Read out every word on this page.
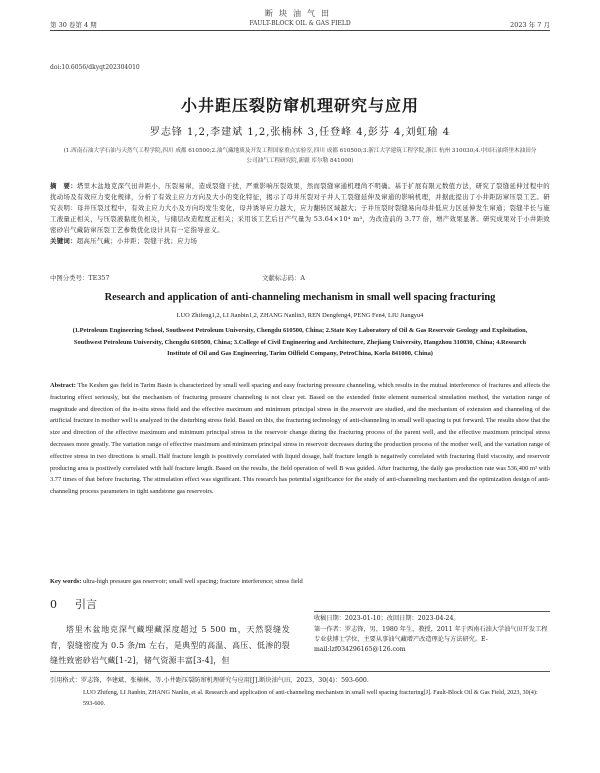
断块油气田
第 30 卷第 4 期	FAULT-BLOCK OIL & GAS FIELD	2023 年 7 月
doi:10.6056/dkyqt202304010
小井距压裂防窜机理研究与应用
罗志锋 1,2,李建斌 1,2,张楠林 3,任登峰 4,彭芬 4,刘虹瑜 4
(1.西南石油大学石油与天然气工程学院,四川 成都 610500;2.油气藏地质及开发工程国家重点实验室,四川 成都 610500;3.浙江大学建筑工程学院,浙江 杭州 310030;4.中国石油塔里木油田分公司油气工程研究院,新疆 库尔勒 841000)
摘　要：塔里木盆地克深气田井距小，压裂易窜，造成裂缝干扰，严重影响压裂效果，然而裂缝窜通机理尚不明确。基于扩展有限元数值方法，研究了裂缝延伸过程中的扰动场及有效应力变化规律，分析了有效主应力方向及大小的变化特征，揭示了母井压裂对子井人工裂缝延伸及窜通的影响机理，并据此提出了小井距防窜压裂工艺。研究表明：母井压裂过程中，有效主应力大小及方向均发生变化，母井诱导应力越大，应力翻转区域越大；子井压裂时裂缝易向母井低应力区延伸发生窜通；裂缝半长与施工液量正相关，与压裂液黏度负相关，与储层改造程度正相关；采用该工艺后日产气量为 53.64×10⁴ m³，为改造前的 3.77 倍，增产效果显著。研究成果对于小井距致密砂岩气藏防窜压裂工艺参数优化设计具有一定指导意义。
关键词：超高压气藏；小井距；裂缝干扰；应力场
中图分类号：TE357	文献标志码：A
Research and application of anti-channeling mechanism in small well spacing fracturing
LUO Zhifeng1,2, LI Jianbin1,2, ZHANG Nanlin3, REN Dengfeng4, PENG Fen4, LIU Jiangyu4
(1.Petroleum Engineering School, Southwest Petroleum University, Chengdu 610500, China; 2.State Key Laboratory of Oil & Gas Reservoir Geology and Exploitation, Southwest Petroleum University, Chengdu 610500, China; 3.College of Civil Engineering and Architecture, Zhejiang University, Hangzhou 310030, China; 4.Research Institute of Oil and Gas Engineering, Tarim Oilfield Company, PetroChina, Korla 841000, China)
Abstract: The Keshen gas field in Tarim Basin is characterized by small well spacing and easy fracturing pressure channeling, which results in the mutual interference of fractures and affects the fracturing effect seriously, but the mechanism of fracturing pressure channeling is not clear yet. Based on the extended finite element numerical simulation method, the variation range of magnitude and direction of the in-situ stress field and the effective maximum and minimum principal stress in the reservoir are studied, and the mechanism of extension and channeling of the artificial fracture in mother well is analyzed in the disturbing stress field. Based on this, the fracturing technology of anti-channeling in small well spacing is put forward. The results show that the size and direction of the effective maximum and minimum principal stress in the reservoir change during the fracturing process of the parent well, and the effective maximum principal stress decreases more greatly. The variation range of effective maximum and minimum principal stress in reservoir decreases during the production process of the mother well, and the variation range of effective stress in two directions is small. Half fracture length is positively correlated with liquid dosage, half fracture length is negatively correlated with fracturing fluid viscosity, and reservoir producing area is positively correlated with half fracture length. Based on the results, the field operation of well B was guided. After fracturing, the daily gas production rate was 536,400 m³ with 3.77 times of that before fracturing. The stimulation effect was significant. This research has potential significance for the study of anti-channeling mechanism and the optimization design of anti-channeling process parameters in tight sandstone gas reservoirs.
Key words: ultra-high pressure gas reservoir; small well spacing; fracture interference; stress field
0 引言

塔里木盆地克深气藏埋藏深度超过 5 500 m，天然裂缝发育，裂缝密度为 0.5 条/m 左右，是典型的高温、高压、低渗的裂缝性致密砂岩气藏[1-2]，储气资源丰富[3-4]，但

收稿日期：2023-01-10；改回日期：2023-04-24。

第一作者：罗志锋，男，1980 年生，教授，2011 年于西南石油大学油气田开发工程专业获博士学位，主要从事油气藏增产改造理论与方法研究。E-mail:lzf034296165@126.com

引用格式：罗志锋，李建斌，张楠林，等.小井距压裂防窜机理研究与应用[J].断块油气田，2023，30(4)：593-600.
LUO Zhifeng, LI Jianbin, ZHANG Nanlin, et al. Research and application of anti-channeling mechanism in small well spacing fracturing[J]. Fault-Block Oil & Gas Field, 2023, 30(4): 593-600.
